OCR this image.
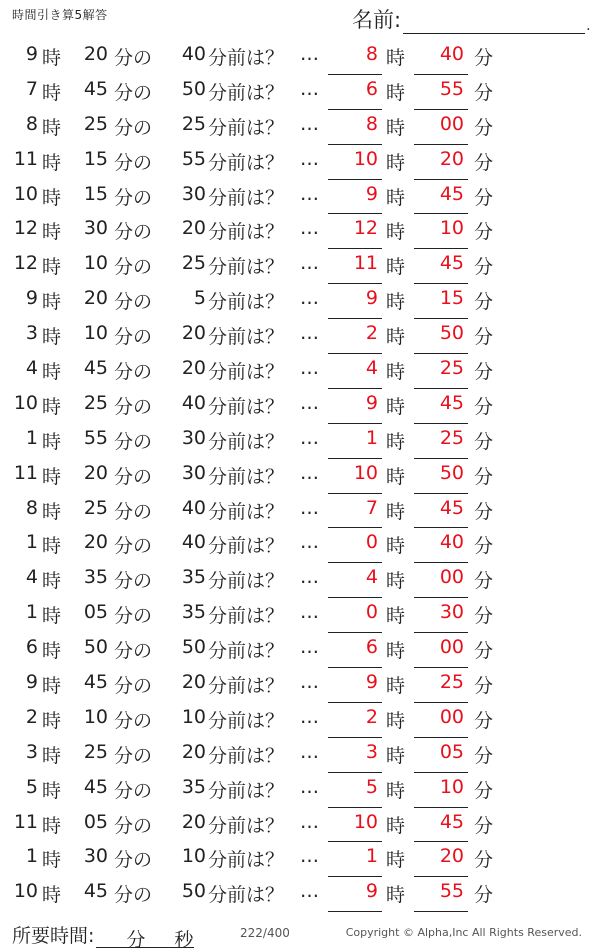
時間引き算5解答	名前:	.
9 時	20 分の	40 分前は？ …	8 時	40 分
7 時	45 分の	50 分前は？ …	6 時	55 分
8 時	25 分の	25 分前は？ …	8 時	00 分
11 時	15 分の	55 分前は？ …	10 時	20 分
10 時	15 分の	30 分前は？ …	9 時	45 分
12 時	30 分の	20 分前は？ …	12 時	10 分
12 時	10 分の	25 分前は？ …	11 時	45 分
9 時	20 分の	5 分前は？ …	9 時	15 分
3 時	10 分の	20 分前は？ …	2 時	50 分
4 時	45 分の	20 分前は？ …	4 時	25 分
10 時	25 分の	40 分前は？ …	9 時	45 分
1 時	55 分の	30 分前は？ …	1 時	25 分
11 時	20 分の	30 分前は？ …	10 時	50 分
8 時	25 分の	40 分前は？ …	7 時	45 分
1 時	20 分の	40 分前は？ …	0 時	40 分
4 時	35 分の	35 分前は？ …	4 時	00 分
1 時	05 分の	35 分前は？ …	0 時	30 分
6 時	50 分の	50 分前は？ …	6 時	00 分
9 時	45 分の	20 分前は？ …	9 時	25 分
2 時	10 分の	10 分前は？ …	2 時	00 分
3 時	25 分の	20 分前は？ …	3 時	05 分
5 時	45 分の	35 分前は？ …	5 時	10 分
11 時	05 分の	20 分前は？ …	10 時	45 分
1 時	30 分の	10 分前は？ …	1 時	20 分
10 時	45 分の	50 分前は？ …	9 時	55 分
所要時間: 分 秒	222/400	Copyright © Alpha,Inc All Rights Reserved.
